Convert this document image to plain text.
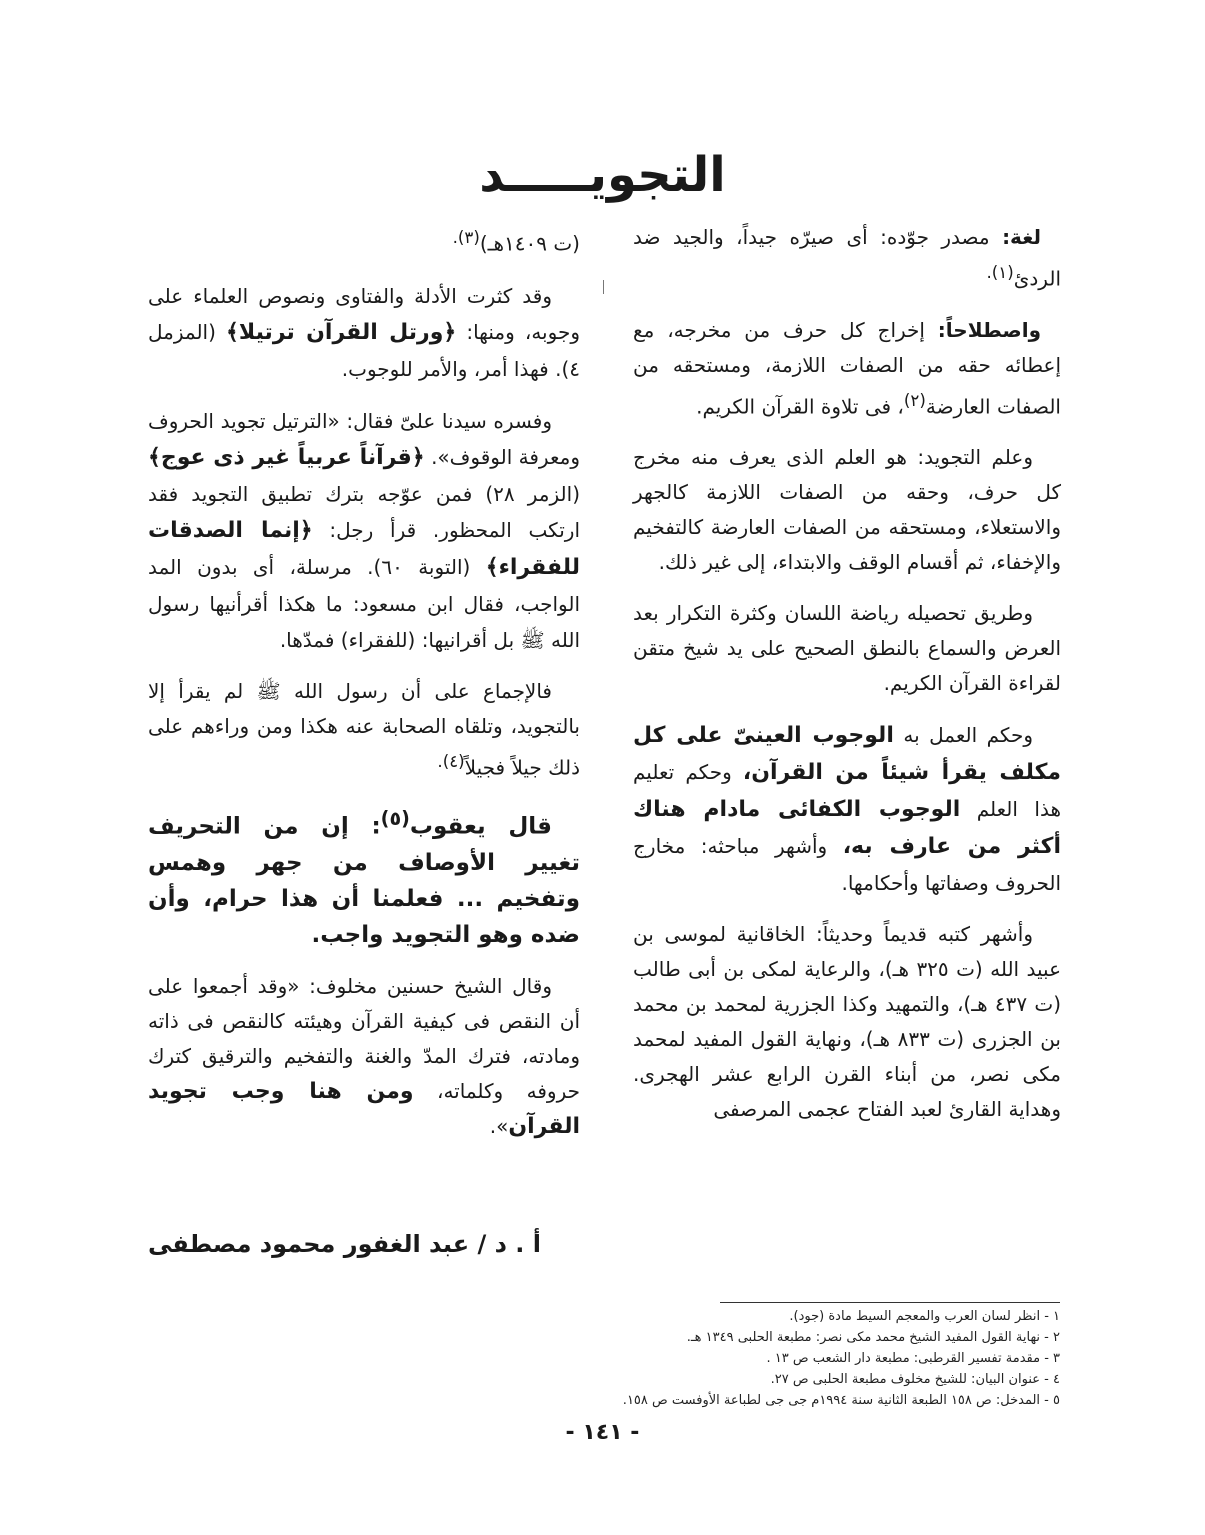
التجويـــــد

 لغة: مصدر جوّده: أى صيرّه جيداً، والجيد ضد الردئ$^{(١).}$

 واصطلاحاً: إخراج كل حرف من مخرجه، مع إعطائه حقه من الصفات اللازمة، ومستحقه من الصفات العارضة$^{(٢)}$، فى تلاوة القرآن الكريم.

وعلم التجويد: هو العلم الذى يعرف منه مخرج كل حرف، وحقه من الصفات اللازمة كالجهر والاستعلاء، ومستحقه من الصفات العارضة كالتفخيم والإخفاء، ثم أقسام الوقف والابتداء، إلى غير ذلك.

وطريق تحصيله رياضة اللسان وكثرة التكرار بعد العرض والسماع بالنطق الصحيح على يد شيخ متقن لقراءة القرآن الكريم.

وحكم العمل به الوجوب العينىّ على كل مكلف يقرأ شيئاً من القرآن، وحكم تعليم هذا العلم الوجوب الكفائى مادام هناك أكثر من عارف به، وأشهر مباحثه: مخارج الحروف وصفاتها وأحكامها.

وأشهر كتبه قديماً وحديثاً: الخاقانية لموسى بن عبيد الله (ت ٣٢٥ هـ)، والرعاية لمكى بن أبى طالب (ت ٤٣٧ هـ)، والتمهيد وكذا الجزرية لمحمد بن محمد بن الجزرى (ت ٨٣٣ هـ)، ونهاية القول المفيد لمحمد مكى نصر، من أبناء القرن الرابع عشر الهجرى. وهداية القارئ لعبد الفتاح عجمى المرصفى

(ت ١٤٠٩هـ)$^{(٣).}$

وقد كثرت الأدلة والفتاوى ونصوص العلماء على وجوبه، ومنها: ﴿ورتل القرآن ترتيلا﴾ (المزمل ٤). فهذا أمر، والأمر للوجوب.

وفسره سيدنا علىّ فقال: «الترتيل تجويد الحروف ومعرفة الوقوف». ﴿قرآناً عربياً غير ذى عوج﴾ (الزمر ٢٨) فمن عوّجه بترك تطبيق التجويد فقد ارتكب المحظور. قرأ رجل: ﴿إنما الصدقات للفقراء﴾ (التوبة ٦٠). مرسلة، أى بدون المد الواجب، فقال ابن مسعود: ما هكذا أقرأنيها رسول الله ﷺ بل أقرانيها: (للفقراء) فمدّها.

فالإجماع على أن رسول الله ﷺ لم يقرأ إلا بالتجويد، وتلقاه الصحابة عنه هكذا ومن وراءهم على ذلك جيلاً فجيلاً$^{(٤).}$

قال يعقوب$^{(٥)}$: إن من التحريف تغيير الأوصاف من جهر وهمس وتفخيم ... فعلمنا أن هذا حرام، وأن ضده وهو التجويد واجب.

وقال الشيخ حسنين مخلوف: «وقد أجمعوا على أن النقص فى كيفية القرآن وهيئته كالنقص فى ذاته ومادته، فترك المدّ والغنة والتفخيم والترقيق كترك حروفه وكلماته، ومن هنا وجب تجويد القرآن».

أ . د / عبد الغفور محمود مصطفى
١ - انظر لسان العرب والمعجم السيط مادة (جود).
٢ - نهاية القول المفيد الشيخ محمد مكى نصر: مطبعة الحلبى ١٣٤٩ هـ.
٣ - مقدمة تفسير القرطبى: مطبعة دار الشعب ص ١٣ .
٤ - عنوان البيان: للشيخ مخلوف مطبعة الحلبى ص ٢٧.
٥ - المدخل: ص ١٥٨ الطبعة الثانية سنة ١٩٩٤م جى جى لطباعة الأوفست ص ١٥٨.
- ١٤١ -
